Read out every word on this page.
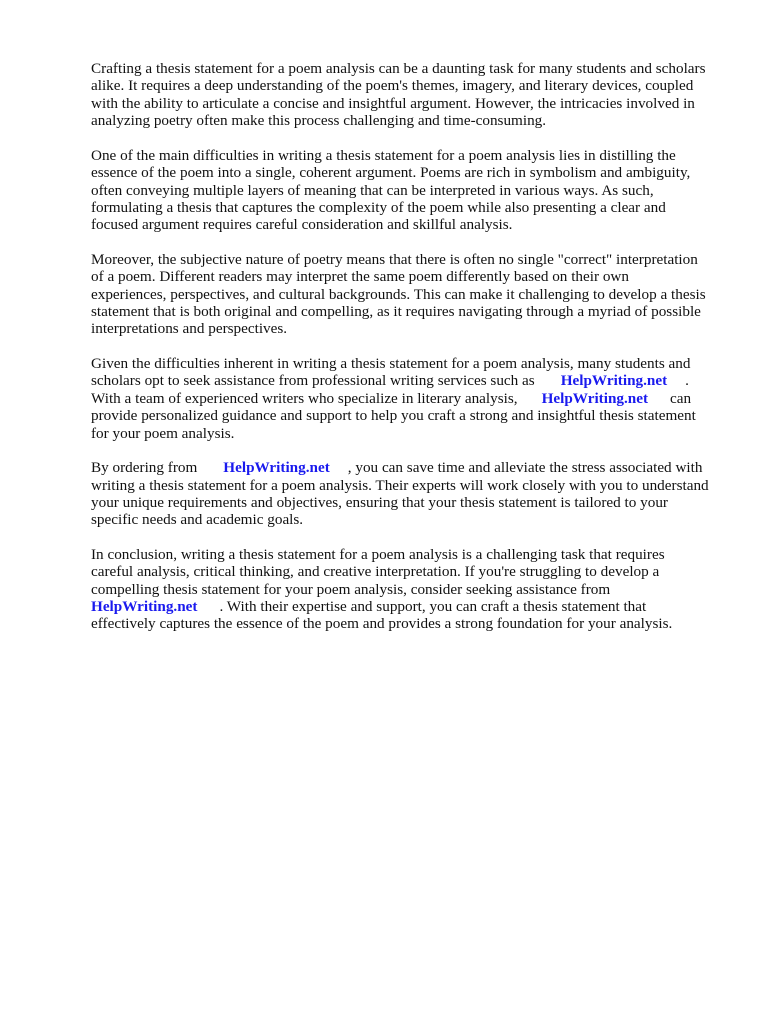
Crafting a thesis statement for a poem analysis can be a daunting task for many students and scholars
alike. It requires a deep understanding of the poem's themes, imagery, and literary devices, coupled
with the ability to articulate a concise and insightful argument. However, the intricacies involved in
analyzing poetry often make this process challenging and time-consuming.

One of the main difficulties in writing a thesis statement for a poem analysis lies in distilling the
essence of the poem into a single, coherent argument. Poems are rich in symbolism and ambiguity,
often conveying multiple layers of meaning that can be interpreted in various ways. As such,
formulating a thesis that captures the complexity of the poem while also presenting a clear and
focused argument requires careful consideration and skillful analysis.

Moreover, the subjective nature of poetry means that there is often no single "correct" interpretation
of a poem. Different readers may interpret the same poem differently based on their own
experiences, perspectives, and cultural backgrounds. This can make it challenging to develop a thesis
statement that is both original and compelling, as it requires navigating through a myriad of possible
interpretations and perspectives.

Given the difficulties inherent in writing a thesis statement for a poem analysis, many students and
scholars opt to seek assistance from professional writing services such as HelpWriting.net .
With a team of experienced writers who specialize in literary analysis, HelpWriting.net can
provide personalized guidance and support to help you craft a strong and insightful thesis statement
for your poem analysis.

By ordering from HelpWriting.net , you can save time and alleviate the stress associated with
writing a thesis statement for a poem analysis. Their experts will work closely with you to understand
your unique requirements and objectives, ensuring that your thesis statement is tailored to your
specific needs and academic goals.

In conclusion, writing a thesis statement for a poem analysis is a challenging task that requires
careful analysis, critical thinking, and creative interpretation. If you're struggling to develop a
compelling thesis statement for your poem analysis, consider seeking assistance from
HelpWriting.net . With their expertise and support, you can craft a thesis statement that
effectively captures the essence of the poem and provides a strong foundation for your analysis.
